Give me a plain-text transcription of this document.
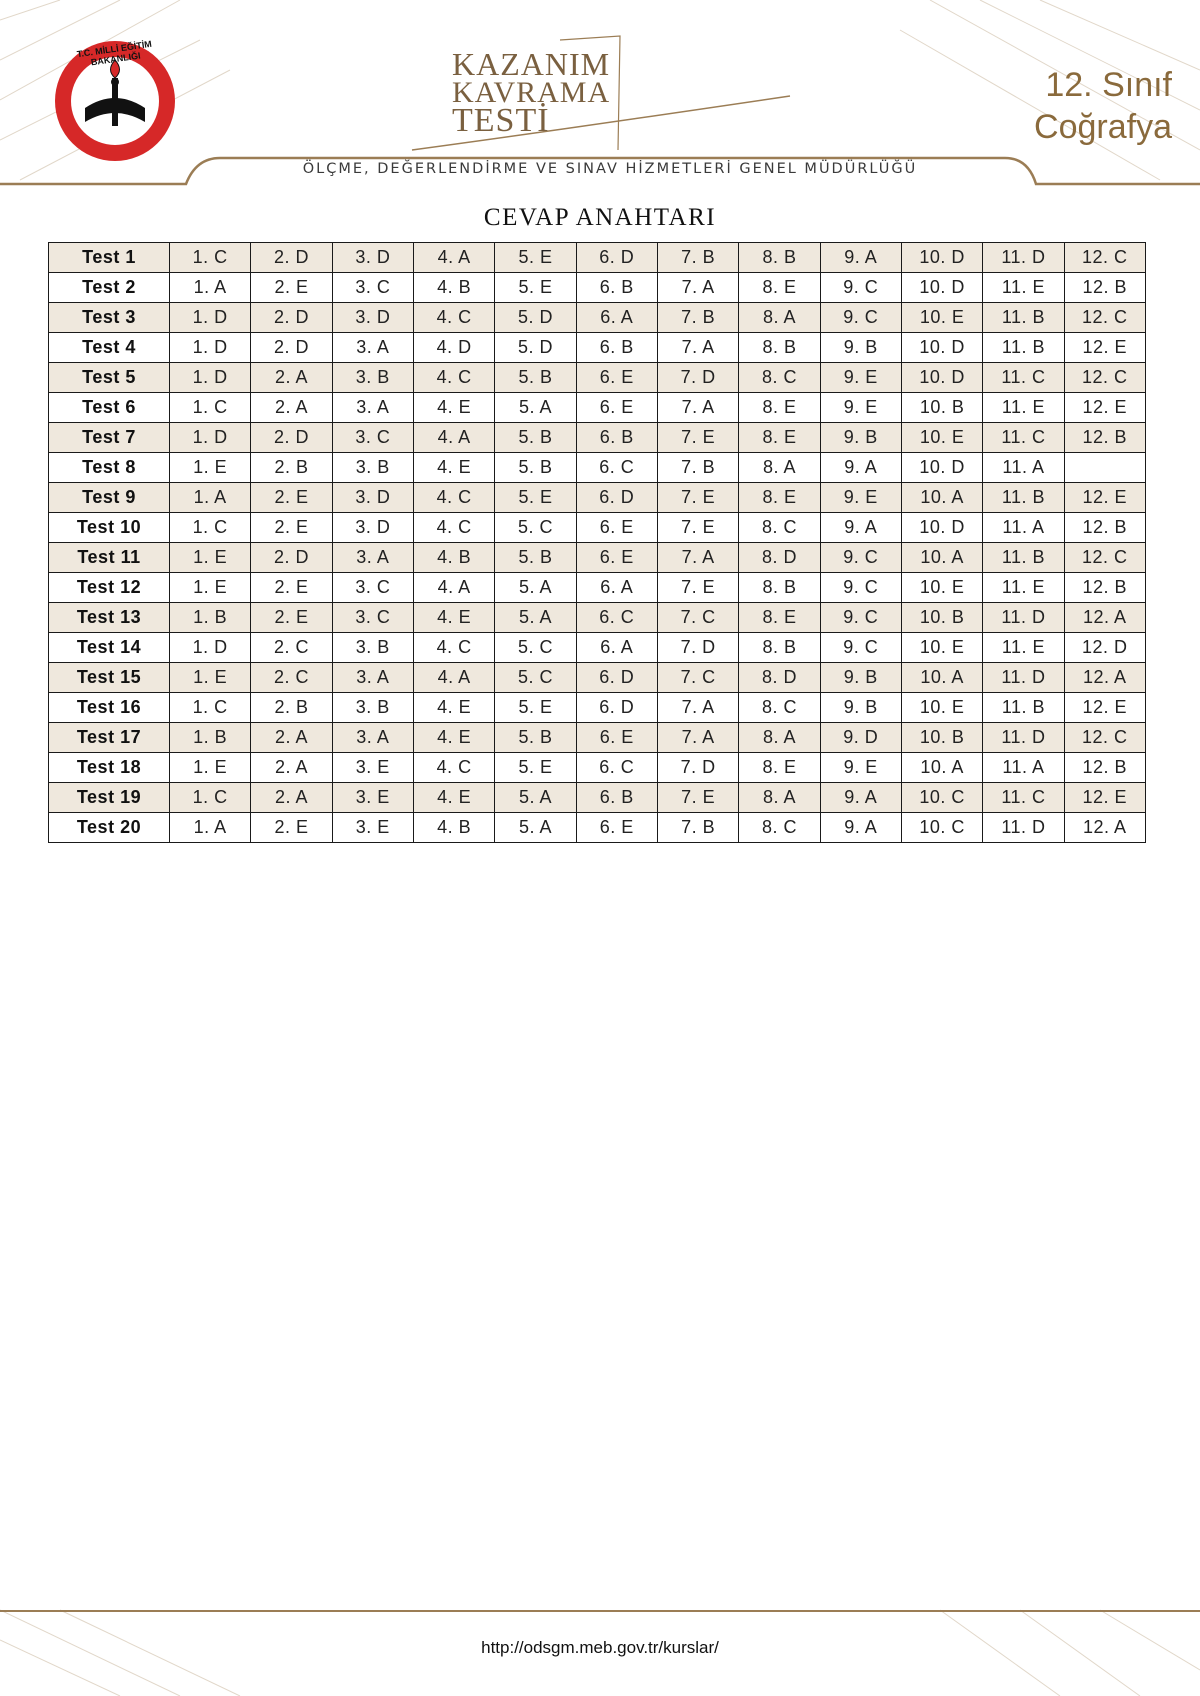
T.C. MİLLİ EĞİTİM BAKANLIĞI	KAZANIM
KAVRAMA
TESTİ
12. Sınıf
Coğrafya
ÖLÇME, DEĞERLENDİRME VE SINAV HİZMETLERİ GENEL MÜDÜRLÜĞÜ
CEVAP ANAHTARI
Test 1	1. C	2. D	3. D	4. A	5. E	6. D	7. B	8. B	9. A	10. D	11. D	12. C
Test 2	1. A	2. E	3. C	4. B	5. E	6. B	7. A	8. E	9. C	10. D	11. E	12. B
Test 3	1. D	2. D	3. D	4. C	5. D	6. A	7. B	8. A	9. C	10. E	11. B	12. C
Test 4	1. D	2. D	3. A	4. D	5. D	6. B	7. A	8. B	9. B	10. D	11. B	12. E
Test 5	1. D	2. A	3. B	4. C	5. B	6. E	7. D	8. C	9. E	10. D	11. C	12. C
Test 6	1. C	2. A	3. A	4. E	5. A	6. E	7. A	8. E	9. E	10. B	11. E	12. E
Test 7	1. D	2. D	3. C	4. A	5. B	6. B	7. E	8. E	9. B	10. E	11. C	12. B
Test 8	1. E	2. B	3. B	4. E	5. B	6. C	7. B	8. A	9. A	10. D	11. A	
Test 9	1. A	2. E	3. D	4. C	5. E	6. D	7. E	8. E	9. E	10. A	11. B	12. E
Test 10	1. C	2. E	3. D	4. C	5. C	6. E	7. E	8. C	9. A	10. D	11. A	12. B
Test 11	1. E	2. D	3. A	4. B	5. B	6. E	7. A	8. D	9. C	10. A	11. B	12. C
Test 12	1. E	2. E	3. C	4. A	5. A	6. A	7. E	8. B	9. C	10. E	11. E	12. B
Test 13	1. B	2. E	3. C	4. E	5. A	6. C	7. C	8. E	9. C	10. B	11. D	12. A
Test 14	1. D	2. C	3. B	4. C	5. C	6. A	7. D	8. B	9. C	10. E	11. E	12. D
Test 15	1. E	2. C	3. A	4. A	5. C	6. D	7. C	8. D	9. B	10. A	11. D	12. A
Test 16	1. C	2. B	3. B	4. E	5. E	6. D	7. A	8. C	9. B	10. E	11. B	12. E
Test 17	1. B	2. A	3. A	4. E	5. B	6. E	7. A	8. A	9. D	10. B	11. D	12. C
Test 18	1. E	2. A	3. E	4. C	5. E	6. C	7. D	8. E	9. E	10. A	11. A	12. B
Test 19	1. C	2. A	3. E	4. E	5. A	6. B	7. E	8. A	9. A	10. C	11. C	12. E
Test 20	1. A	2. E	3. E	4. B	5. A	6. E	7. B	8. C	9. A	10. C	11. D	12. A
http://odsgm.meb.gov.tr/kurslar/
